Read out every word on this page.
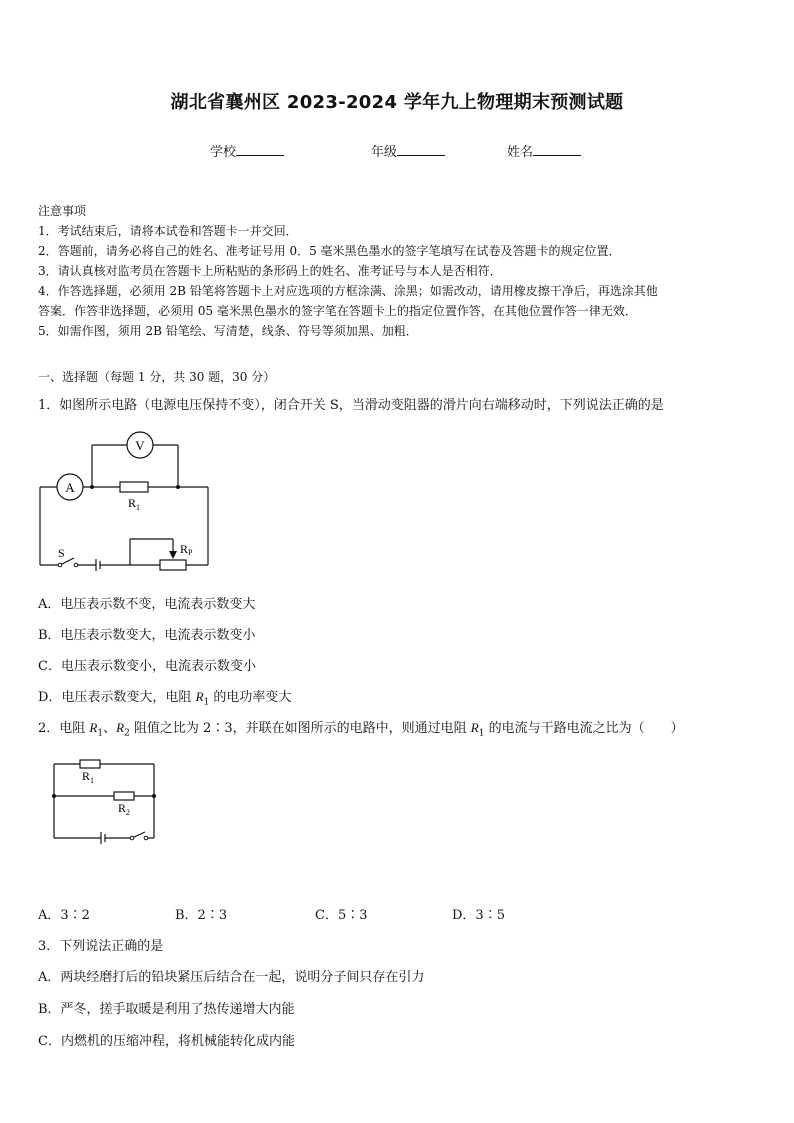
湖北省襄州区 2023-2024 学年九上物理期末预测试题
学校	年级	姓名
注意事项
1．考试结束后，请将本试卷和答题卡一并交回．
2．答题前，请务必将自己的姓名、准考证号用 0．5 毫米黑色墨水的签字笔填写在试卷及答题卡的规定位置．
3．请认真核对监考员在答题卡上所粘贴的条形码上的姓名、准考证号与本人是否相符．
4．作答选择题，必须用 2B 铅笔将答题卡上对应选项的方框涂满、涂黑；如需改动，请用橡皮擦干净后，再选涂其他
答案．作答非选择题，必须用 05 毫米黑色墨水的签字笔在答题卡上的指定位置作答，在其他位置作答一律无效．
5．如需作图，须用 2B 铅笔绘、写清楚，线条、符号等须加黑、加粗．
一、选择题（每题 1 分，共 30 题，30 分）
1．如图所示电路（电源电压保持不变），闭合开关 S，当滑动变阻器的滑片向右端移动时，下列说法正确的是
V
A
$R_1$
S	RP
A．电压表示数不变，电流表示数变大
B．电压表示数变大，电流表示数变小
C．电压表示数变小，电流表示数变小
D．电压表示数变大，电阻 $R_1$ 的电功率变大
2．电阻 $R_1$、$R_2$ 阻值之比为 2∶3，并联在如图所示的电路中，则通过电阻 $R_1$ 的电流与干路电流之比为（　　）
$R_1$
$R_2$
A．3∶2	B．2∶3	C．5∶3	D．3∶5
3．下列说法正确的是
A．两块经磨打后的铅块紧压后结合在一起，说明分子间只存在引力
B．严冬，搓手取暖是利用了热传递增大内能
C．内燃机的压缩冲程，将机械能转化成内能
